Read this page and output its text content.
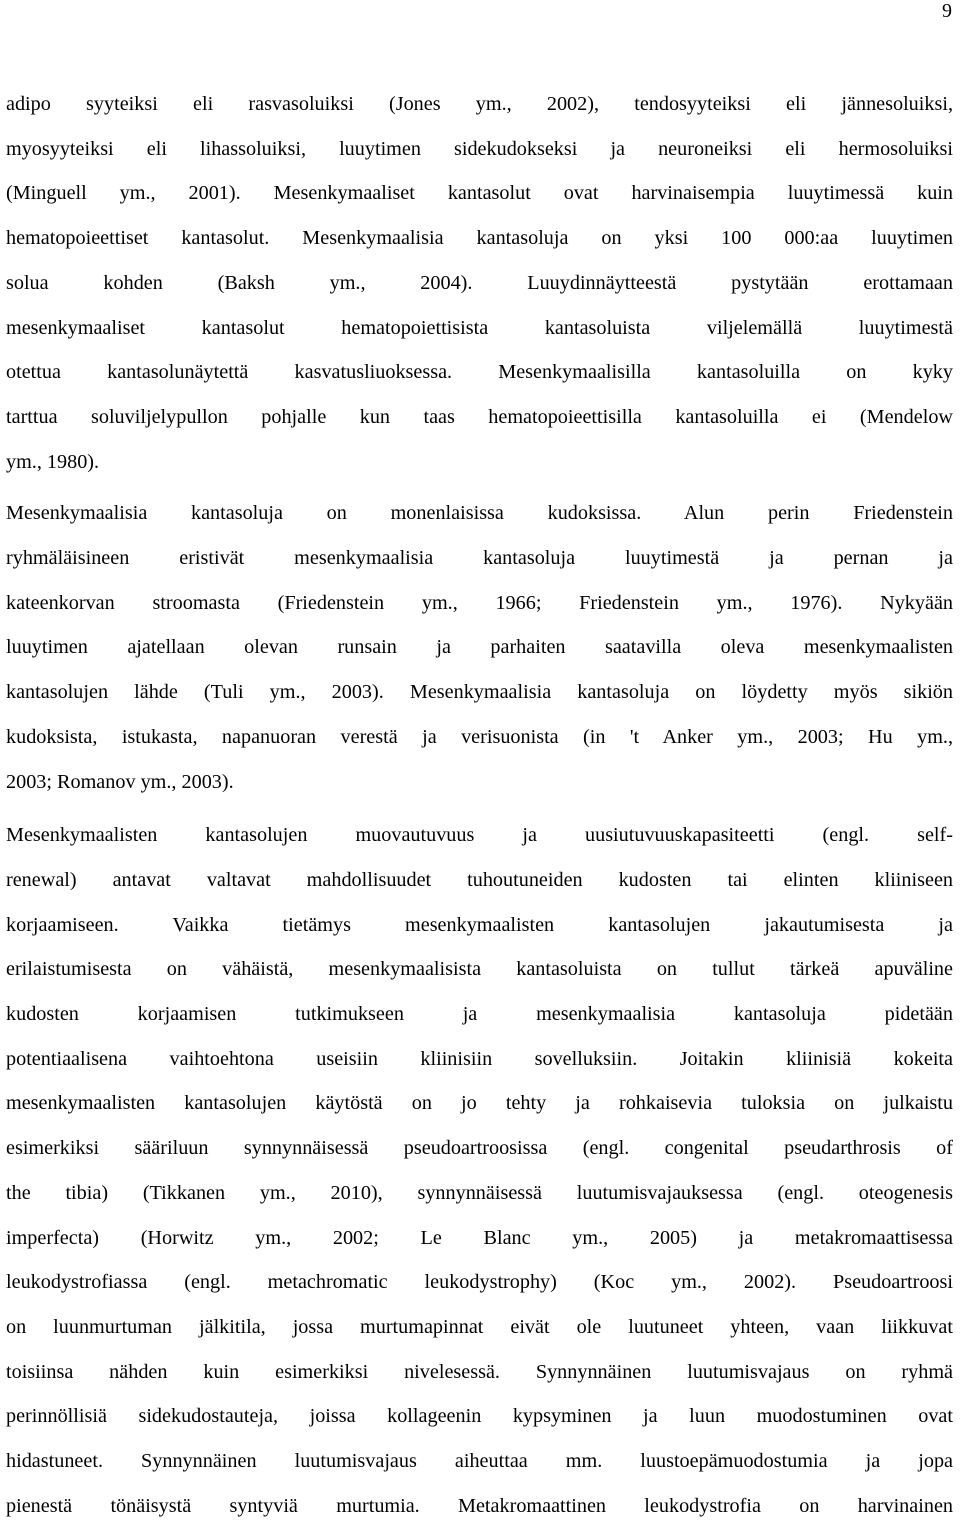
9

adipo syyteiksi eli rasvasoluiksi (Jones ym., 2002), tendosyyteiksi eli jännesoluiksi,
myosyyteiksi eli lihassoluiksi, luuytimen sidekudokseksi ja neuroneiksi eli hermosoluiksi
(Minguell ym., 2001). Mesenkymaaliset kantasolut ovat harvinaisempia luuytimessä kuin
hematopoieettiset kantasolut. Mesenkymaalisia kantasoluja on yksi 100 000:aa luuytimen
solua kohden (Baksh ym., 2004). Luuydinnäytteestä pystytään erottamaan
mesenkymaaliset kantasolut hematopoiettisista kantasoluista viljelemällä luuytimestä
otettua kantasolunäytettä kasvatusliuoksessa. Mesenkymaalisilla kantasoluilla on kyky
tarttua soluviljelypullon pohjalle kun taas hematopoieettisilla kantasoluilla ei (Mendelow
ym., 1980).

Mesenkymaalisia kantasoluja on monenlaisissa kudoksissa. Alun perin Friedenstein
ryhmäläisineen eristivät mesenkymaalisia kantasoluja luuytimestä ja pernan ja
kateenkorvan stroomasta (Friedenstein ym., 1966; Friedenstein ym., 1976). Nykyään
luuytimen ajatellaan olevan runsain ja parhaiten saatavilla oleva mesenkymaalisten
kantasolujen lähde (Tuli ym., 2003). Mesenkymaalisia kantasoluja on löydetty myös sikiön
kudoksista, istukasta, napanuoran verestä ja verisuonista (in 't Anker ym., 2003; Hu ym.,
2003; Romanov ym., 2003).

Mesenkymaalisten kantasolujen muovautuvuus ja uusiutuvuuskapasiteetti (engl. self-
renewal) antavat valtavat mahdollisuudet tuhoutuneiden kudosten tai elinten kliiniseen
korjaamiseen. Vaikka tietämys mesenkymaalisten kantasolujen jakautumisesta ja
erilaistumisesta on vähäistä, mesenkymaalisista kantasoluista on tullut tärkeä apuväline
kudosten korjaamisen tutkimukseen ja mesenkymaalisia kantasoluja pidetään
potentiaalisena vaihtoehtona useisiin kliinisiin sovelluksiin. Joitakin kliinisiä kokeita
mesenkymaalisten kantasolujen käytöstä on jo tehty ja rohkaisevia tuloksia on julkaistu
esimerkiksi sääriluun synnynnäisessä pseudoartroosissa (engl. congenital pseudarthrosis of
the tibia) (Tikkanen ym., 2010), synnynnäisessä luutumisvajauksessa (engl. oteogenesis
imperfecta) (Horwitz ym., 2002; Le Blanc ym., 2005) ja metakromaattisessa
leukodystrofiassa (engl. metachromatic leukodystrophy) (Koc ym., 2002). Pseudoartroosi
on luunmurtuman jälkitila, jossa murtumapinnat eivät ole luutuneet yhteen, vaan liikkuvat
toisiinsa nähden kuin esimerkiksi nivelesessä. Synnynnäinen luutumisvajaus on ryhmä
perinnöllisiä sidekudostauteja, joissa kollageenin kypsyminen ja luun muodostuminen ovat
hidastuneet. Synnynnäinen luutumisvajaus aiheuttaa mm. luustoepämuodostumia ja jopa
pienestä tönäisystä syntyviä murtumia. Metakromaattinen leukodystrofia on harvinainen
